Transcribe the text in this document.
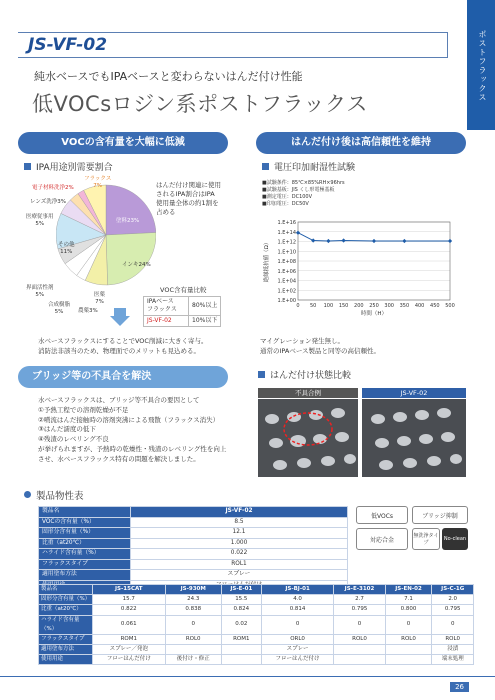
ポストフラックス
JS-VF-02
純水ベースでもIPAベースと変わらないはんだ付け性能
低VOCsロジン系ポストフラックス
VOCの含有量を大幅に低減
IPA用途別需要割合
フラックス
7%
電子材料洗浄2%
レンズ洗浄3%
医療従事用
5%
その他
11%
界面活性剤
5%
合成樹脂
5%	農薬3%
医薬
7%
インキ24%
塗料23%
はんだ付け関連に使用
されるIPA割合はIPA
使用量全体の約1割を
占める
VOC含有量比較
IPAベース
フラックス	80%以上
JS-VF-02	10%以下
水ベースフラックスにすることでVOC削減に大きく寄与。
消防法非該当のため、物理面でのメリットも見込める。
はんだ付け後は高信頼性を維持
電圧印加耐湿性試験
■試験条件：85℃×85%RH×96hrs
■試験基板：JIS くし形電極基板
■測定電圧：DC100V
■印加電圧：DC50V
1.E+16
1.E+14
1.E+12
1.E+10
1.E+08
1.E+06
1.E+04
1.E+02
1.E+00
0 50 100 150 200 250 300 350 400 450 500
時間（H）
絶縁抵抗値（Ω）
マイグレーション発生無し。
通常のIPAベース製品と同等の高信頼性。
ブリッジ等の不具合を解決
水ベースフラックスは、ブリッジ等不具合の要因として
①予熱工程での溶剤乾燥が不足
②噴流はんだ接触時の溶剤突沸による飛散（フラックス消失）
③はんだ濡度の低下
④残渣のレベリング不良
が挙げられますが、予熱時の乾燥性・残渣のレベリング性を向上
させ、水ベースフラックス特有の問題を解決しました。
はんだ付け状態比較
不具合例	JS-VF-02
製品物性表
製品名	JS-VF-02
VOCの含有量（%）	8.5
固形分含有量（%）	12.1
比重（at20℃）	1.000
ハライド含有量（%）	0.022
フラックスタイプ	ROL1
適用塗布方法	スプレー

低VOCs	ブリッジ抑制
対応合金
無洗浄タイプ
No-clean
製品名	JS-15CAT	JS-930M	JS-E-01	JS-BJ-01	JS-E-3102	JS-EN-02	JS-C-1G
固形分含有量（%）	15.7	24.3	15.5	4.0	2.7	7.1	2.0
比重（at20℃）	0.822	0.838	0.824	0.814	0.795	0.800	0.795
ハライド含有量（%）	0.061	0	0.02	0	0	0	0
フラックスタイプ	ROM1	ROL0	ROM1	ORL0	ROL0	ROL0	ROL0
適用塗布方法	スプレー／発泡			スプレー			浸漬
使用用途	フローはんだ付け	後付け・修正		フローはんだ付け			端末処理
26
